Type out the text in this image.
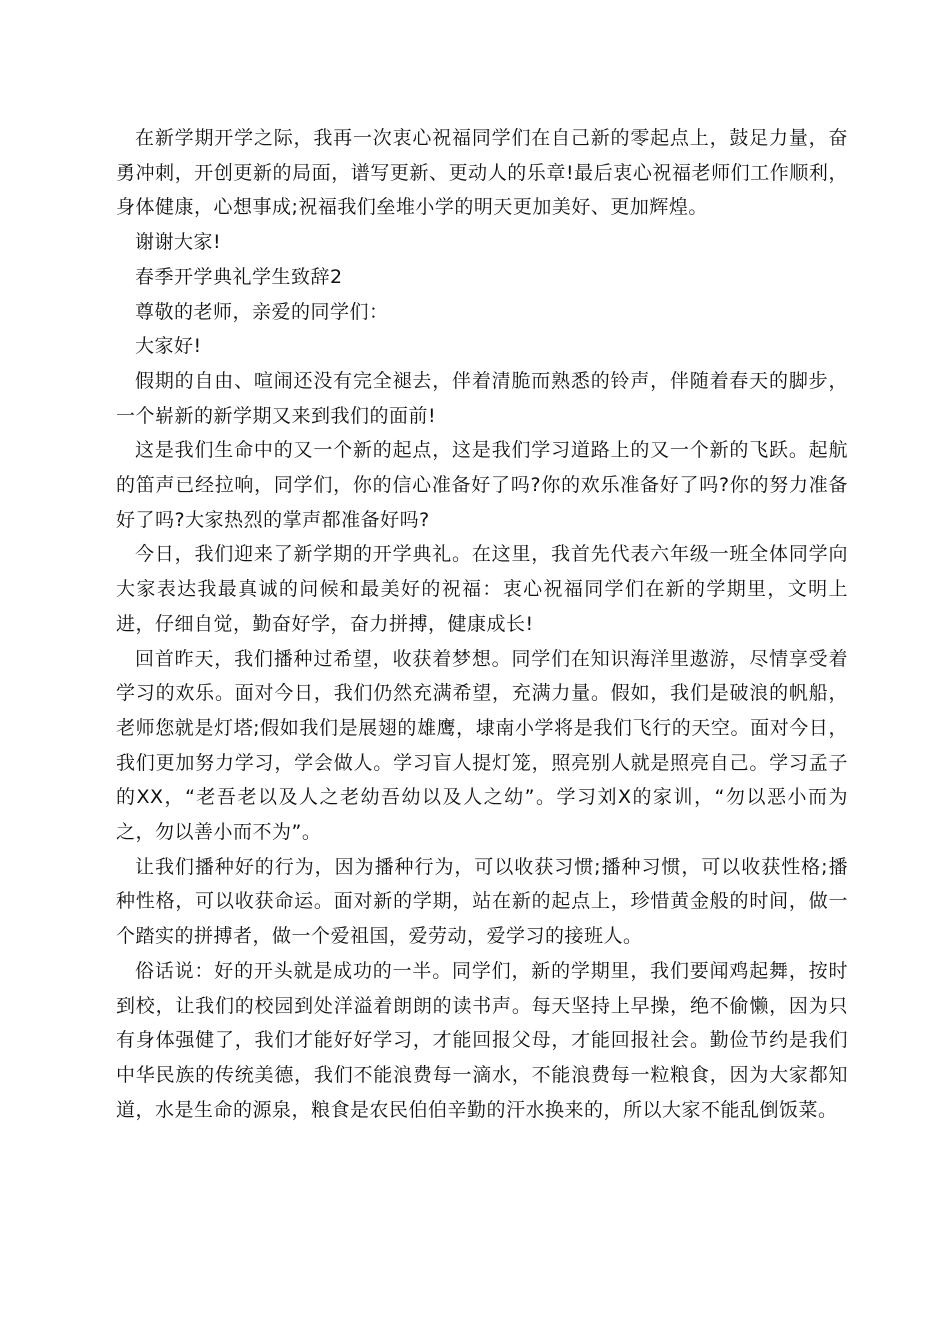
在新学期开学之际，我再一次衷心祝福同学们在自己新的零起点上，鼓足力量，奋勇冲刺，开创更新的局面，谱写更新、更动人的乐章!最后衷心祝福老师们工作顺利，身体健康，心想事成;祝福我们垒堆小学的明天更加美好、更加辉煌。

谢谢大家!

春季开学典礼学生致辞2

尊敬的老师，亲爱的同学们：

大家好!

假期的自由、喧闹还没有完全褪去，伴着清脆而熟悉的铃声，伴随着春天的脚步，一个崭新的新学期又来到我们的面前!

这是我们生命中的又一个新的起点，这是我们学习道路上的又一个新的飞跃。起航的笛声已经拉响，同学们，你的信心准备好了吗?你的欢乐准备好了吗?你的努力准备好了吗?大家热烈的掌声都准备好吗?

今日，我们迎来了新学期的开学典礼。在这里，我首先代表六年级一班全体同学向大家表达我最真诚的问候和最美好的祝福：衷心祝福同学们在新的学期里，文明上进，仔细自觉，勤奋好学，奋力拼搏，健康成长!

回首昨天，我们播种过希望，收获着梦想。同学们在知识海洋里遨游，尽情享受着学习的欢乐。面对今日，我们仍然充满希望，充满力量。假如，我们是破浪的帆船，老师您就是灯塔;假如我们是展翅的雄鹰，埭南小学将是我们飞行的天空。面对今日，我们更加努力学习，学会做人。学习盲人提灯笼，照亮别人就是照亮自己。学习孟子的XX，“老吾老以及人之老幼吾幼以及人之幼”。学习刘X的家训，“勿以恶小而为之，勿以善小而不为”。

让我们播种好的行为，因为播种行为，可以收获习惯;播种习惯，可以收获性格;播种性格，可以收获命运。面对新的学期，站在新的起点上，珍惜黄金般的时间，做一个踏实的拼搏者，做一个爱祖国，爱劳动，爱学习的接班人。

俗话说：好的开头就是成功的一半。同学们，新的学期里，我们要闻鸡起舞，按时到校，让我们的校园到处洋溢着朗朗的读书声。每天坚持上早操，绝不偷懒，因为只有身体强健了，我们才能好好学习，才能回报父母，才能回报社会。勤俭节约是我们中华民族的传统美德，我们不能浪费每一滴水，不能浪费每一粒粮食，因为大家都知道，水是生命的源泉，粮食是农民伯伯辛勤的汗水换来的，所以大家不能乱倒饭菜。
